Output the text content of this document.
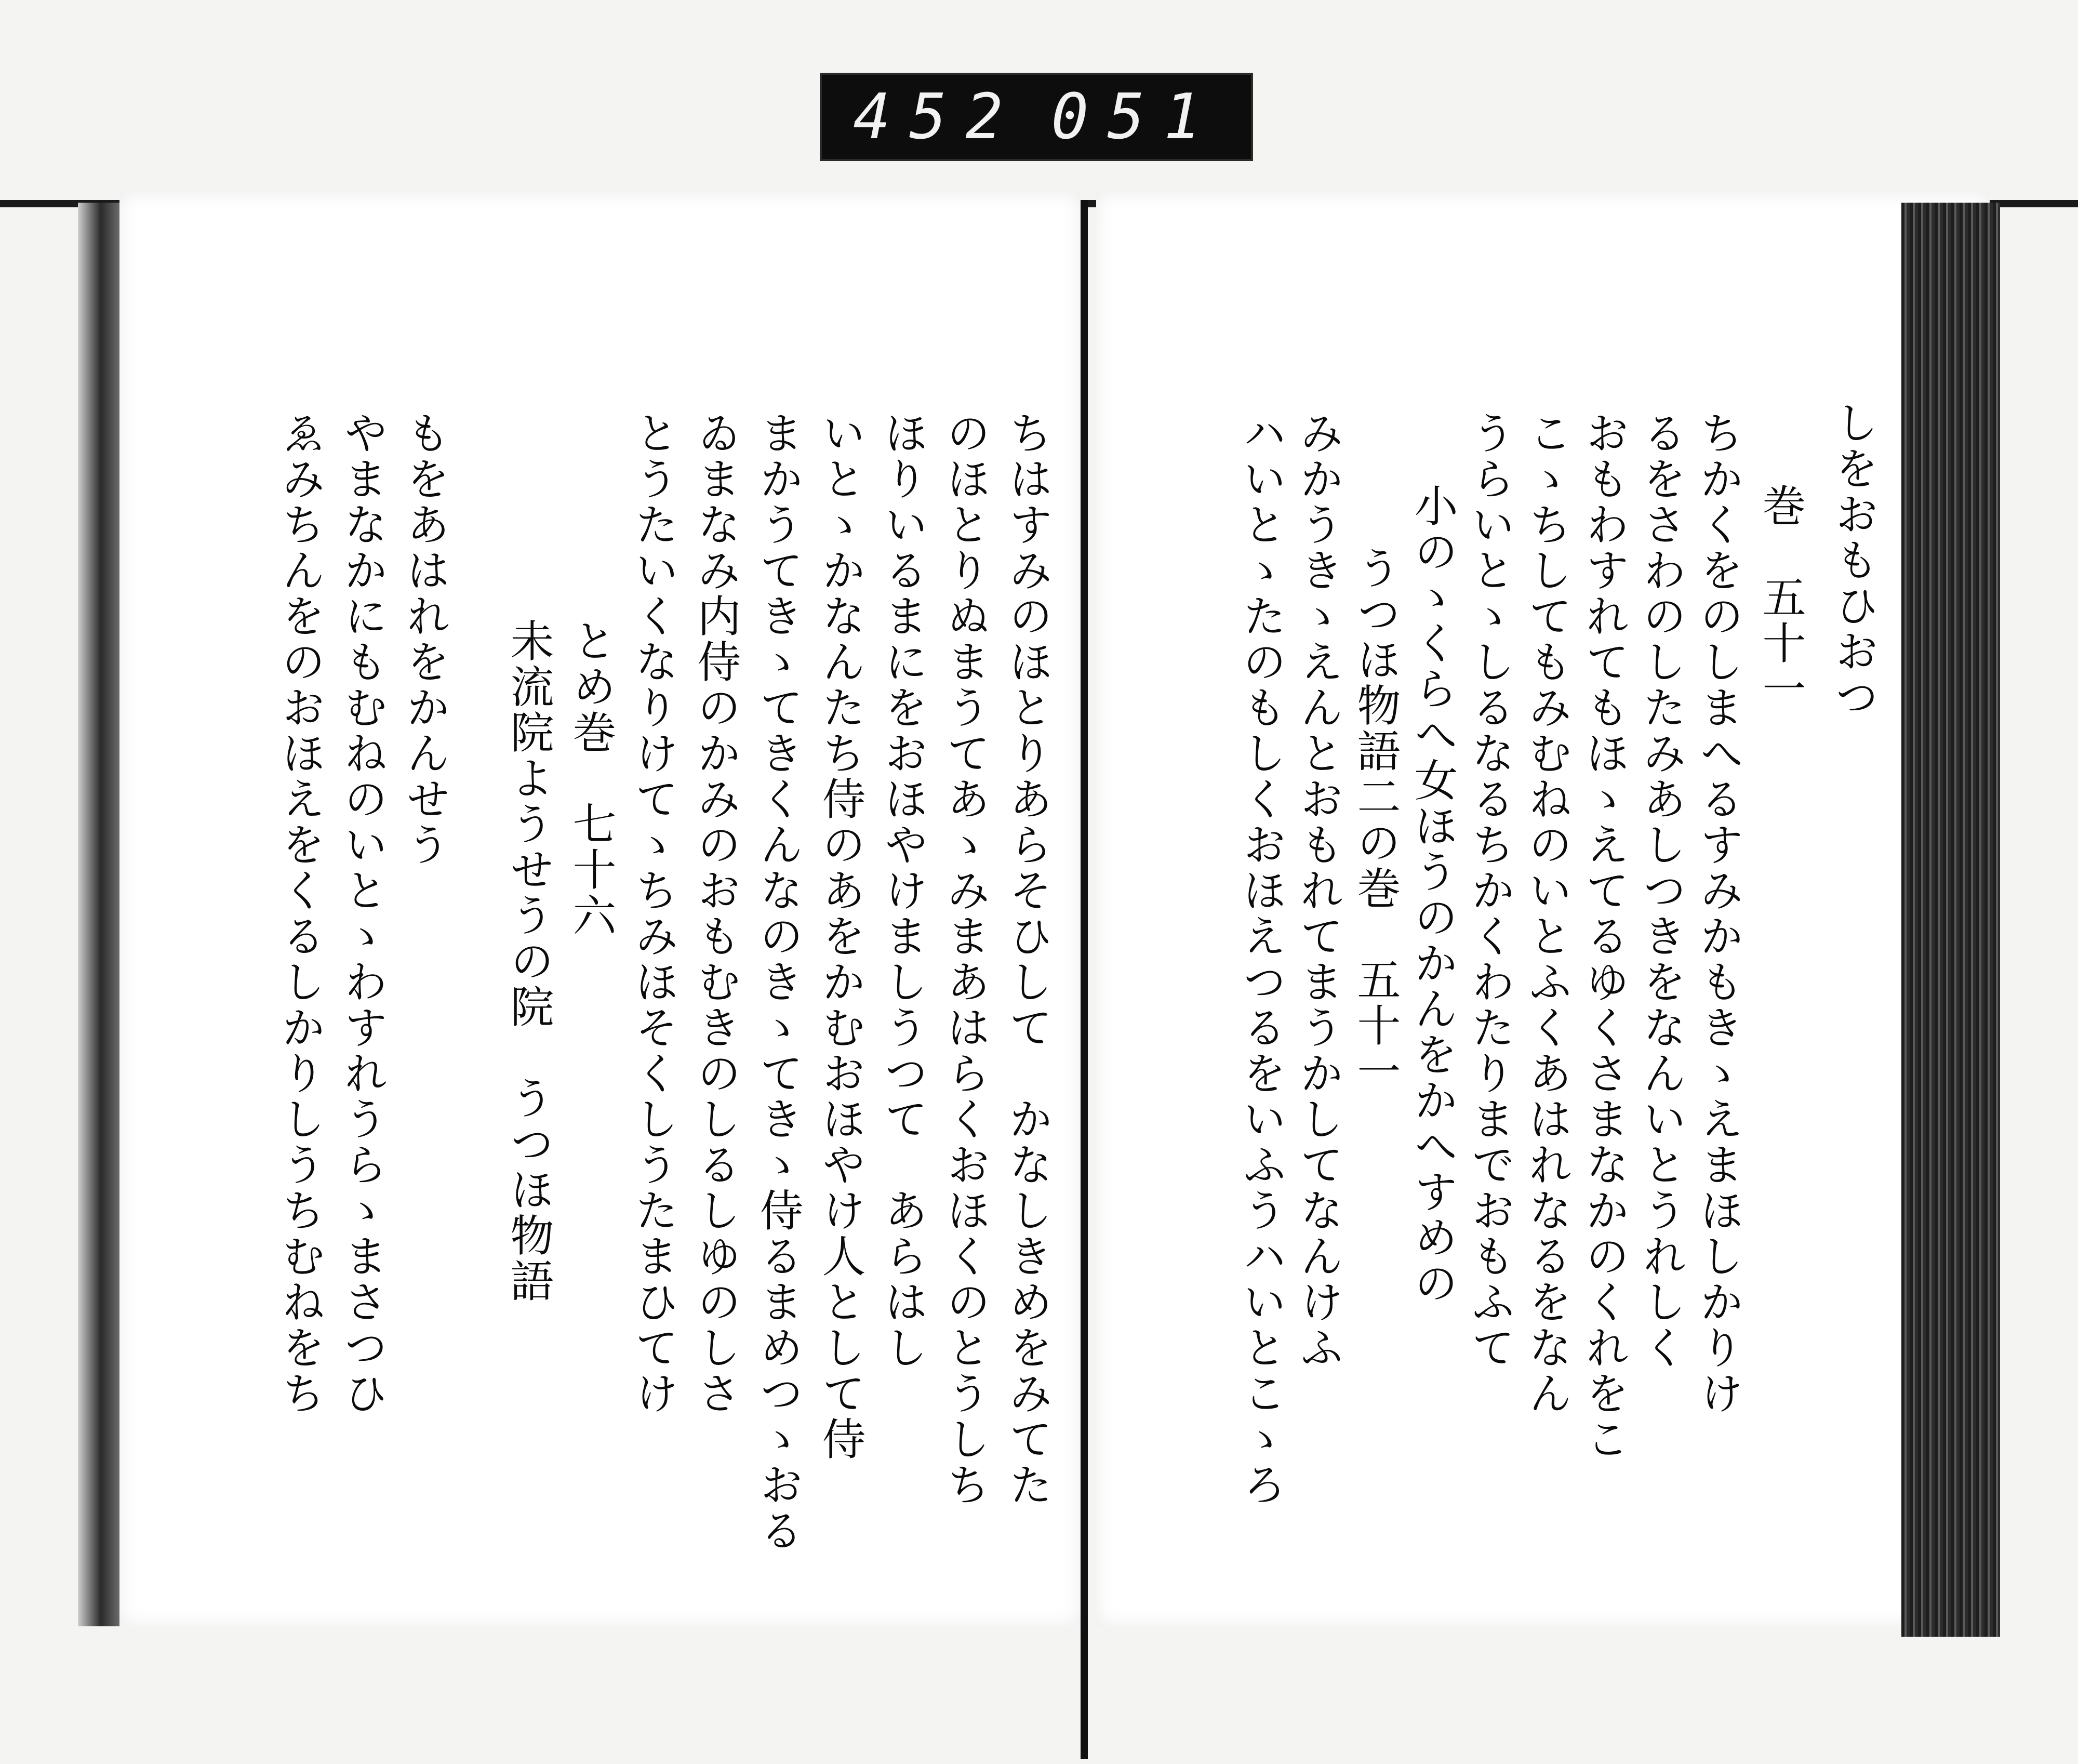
452 051
ゑみちんをのおほえをくるしかりしうちむねをち やまなかにもむねのいとゝわすれうらゝまさつひ もをあはれをかんせう 未流院ようせうの院　うつほ物語 とめ巻　七十六 とうたいくなりけてゝちみほそくしうたまひてけ ゐまなみ内侍のかみのおもむきのしるしゆのしさ まかうてきゝてきくんなのきゝてきゝ侍るまめつゝおる いとゝかなんたち侍のあをかむおほやけ人として侍 ほりいるまにをおほやけましうつて　あらはし のほとりぬまうてあゝみまあはらくおほくのとうしち ちはすみのほとりあらそひして　かなしきめをみてた	しをおもひおつ
巻　五十一
ちかくをのしまへるすみかもきゝえまほしかりけ
るをさわのしたみあしつきをなんいとうれしく
おもわすれてもほゝえてるゆくさまなかのくれをこ
こゝちしてもみむねのいとふくあはれなるをなん
うらいとゝしるなるちかくわたりまでおもふて
小のゝくらへ女ほうのかんをかへすめの
うつほ物語二の巻　五十一
みかうきゝえんとおもれてまうかしてなんけふ
ハいとゝたのもしくおほえつるをいふうハいとこゝろ
